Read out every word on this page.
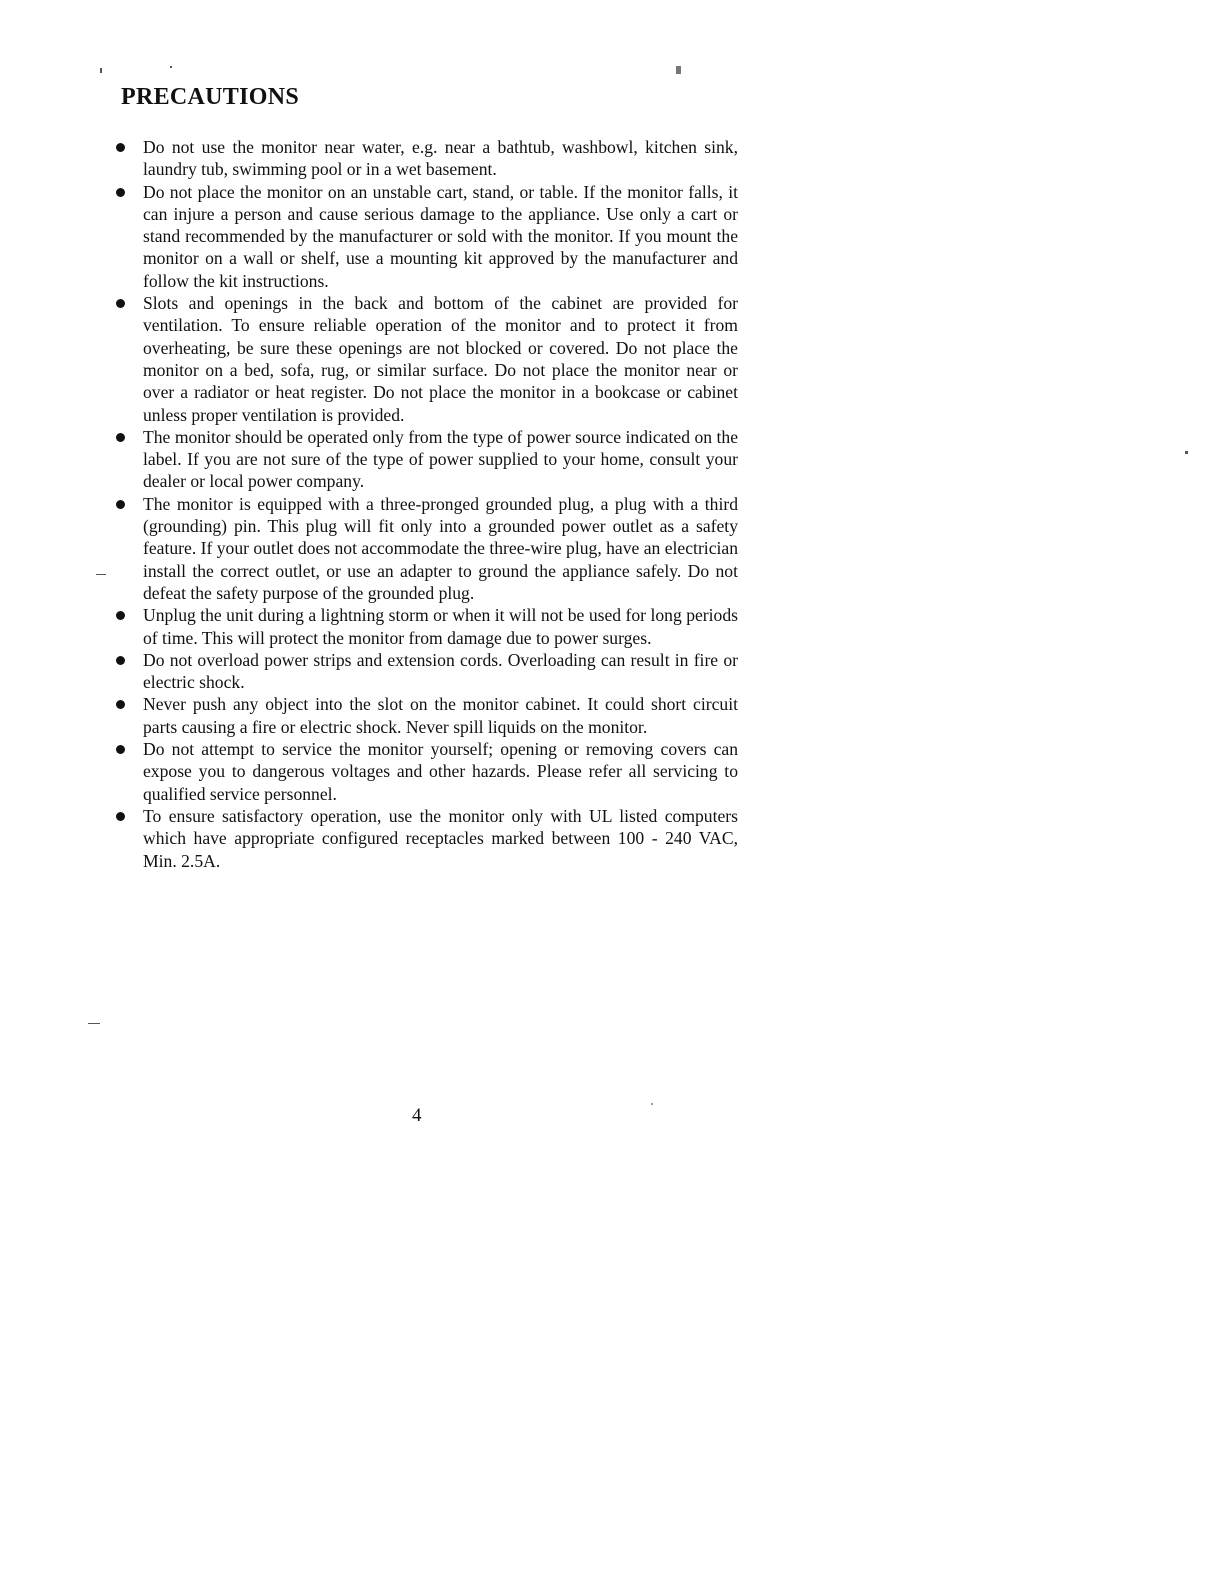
PRECAUTIONS
Do not use the monitor near water, e.g. near a bathtub, washbowl, kitchen sink, laundry tub, swimming pool or in a wet basement.
Do not place the monitor on an unstable cart, stand, or table. If the monitor falls, it can injure a person and cause serious damage to the appliance. Use only a cart or stand recommended by the manufacturer or sold with the monitor. If you mount the monitor on a wall or shelf, use a mounting kit approved by the manufacturer and follow the kit instructions.
Slots and openings in the back and bottom of the cabinet are provided for ventilation. To ensure reliable operation of the monitor and to protect it from overheating, be sure these openings are not blocked or covered. Do not place the monitor on a bed, sofa, rug, or similar surface. Do not place the monitor near or over a radiator or heat register. Do not place the monitor in a bookcase or cabinet unless proper ventilation is provided.
The monitor should be operated only from the type of power source indicated on the label. If you are not sure of the type of power supplied to your home, consult your dealer or local power company.
The monitor is equipped with a three-pronged grounded plug, a plug with a third (grounding) pin. This plug will fit only into a grounded power outlet as a safety feature. If your outlet does not accommodate the three-wire plug, have an electrician install the correct outlet, or use an adapter to ground the appliance safely. Do not defeat the safety purpose of the grounded plug.
Unplug the unit during a lightning storm or when it will not be used for long periods of time. This will protect the monitor from damage due to power surges.
Do not overload power strips and extension cords. Overloading can result in fire or electric shock.
Never push any object into the slot on the monitor cabinet. It could short circuit parts causing a fire or electric shock. Never spill liquids on the monitor.
Do not attempt to service the monitor yourself; opening or removing covers can expose you to dangerous voltages and other hazards. Please refer all servicing to qualified service personnel.
To ensure satisfactory operation, use the monitor only with UL listed computers which have appropriate configured receptacles marked between 100 - 240 VAC, Min. 2.5A.
4
